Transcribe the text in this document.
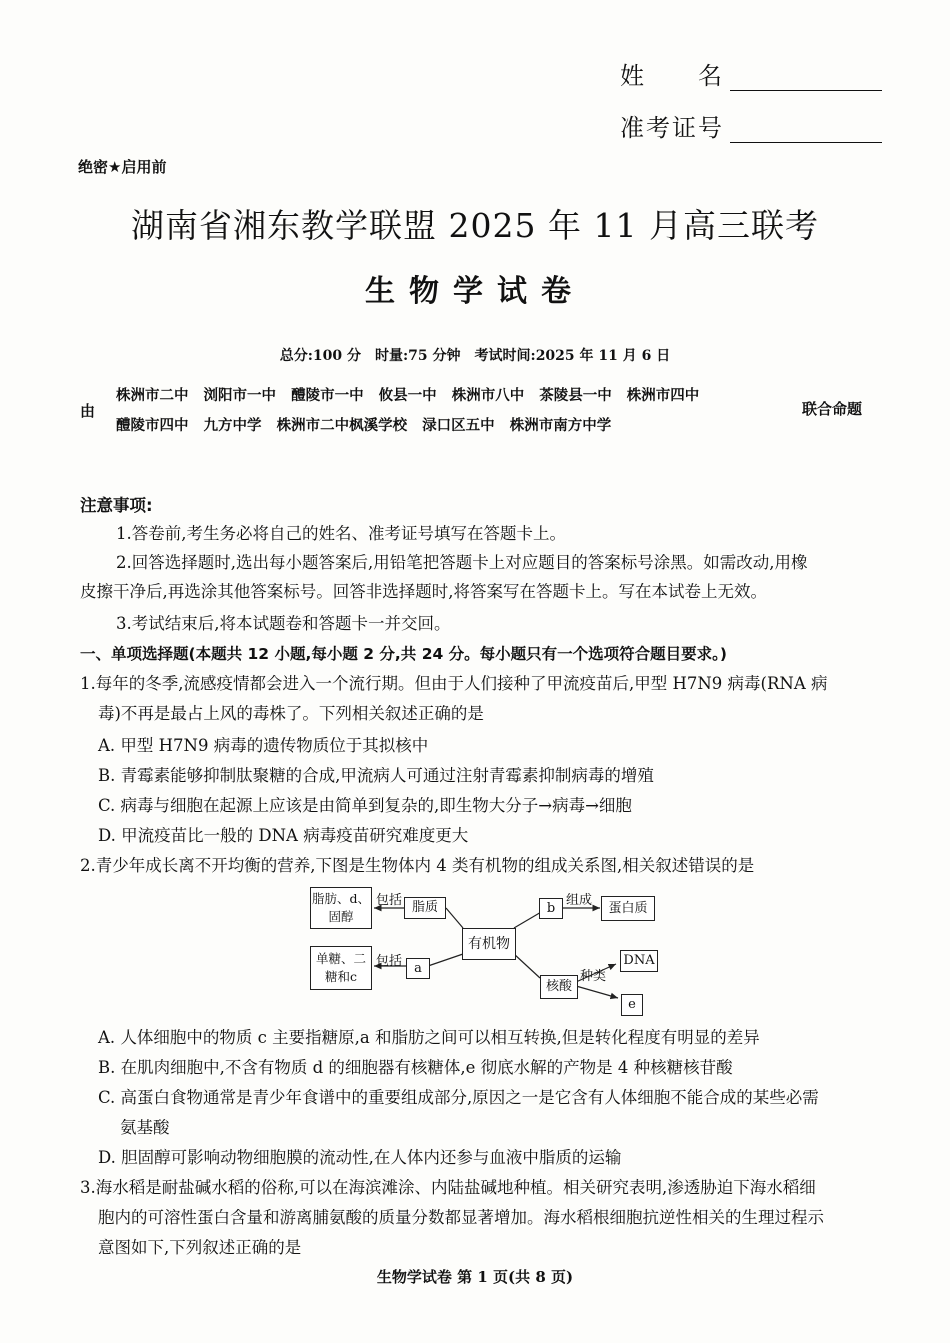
姓　　名
准考证号
绝密★启用前
湖南省湘东教学联盟 2025 年 11 月高三联考
生物学试卷
总分:100 分　时量:75 分钟　考试时间:2025 年 11 月 6 日
由
株洲市二中 浏阳市一中 醴陵市一中 攸县一中 株洲市八中 茶陵县一中 株洲市四中
醴陵市四中 九方中学 株洲市二中枫溪学校 渌口区五中 株洲市南方中学
联合命题
注意事项:
1.答卷前,考生务必将自己的姓名、准考证号填写在答题卡上。
2.回答选择题时,选出每小题答案后,用铅笔把答题卡上对应题目的答案标号涂黑。如需改动,用橡
皮擦干净后,再选涂其他答案标号。回答非选择题时,将答案写在答题卡上。写在本试卷上无效。
3.考试结束后,将本试题卷和答题卡一并交回。
一、单项选择题(本题共 12 小题,每小题 2 分,共 24 分。每小题只有一个选项符合题目要求。)
1.每年的冬季,流感疫情都会进入一个流行期。但由于人们接种了甲流疫苗后,甲型 H7N9 病毒(RNA 病
毒)不再是最占上风的毒株了。下列相关叙述正确的是
A. 甲型 H7N9 病毒的遗传物质位于其拟核中
B. 青霉素能够抑制肽聚糖的合成,甲流病人可通过注射青霉素抑制病毒的增殖
C. 病毒与细胞在起源上应该是由简单到复杂的,即生物大分子→病毒→细胞
D. 甲流疫苗比一般的 DNA 病毒疫苗研究难度更大
2.青少年成长离不开均衡的营养,下图是生物体内 4 类有机物的组成关系图,相关叙述错误的是
脂肪、d、固醇
包括 脂质	b
组成
蛋白质
有机物
单糖、二糖和c
包括 a
核酸
种类
DNA
e
A. 人体细胞中的物质 c 主要指糖原,a 和脂肪之间可以相互转换,但是转化程度有明显的差异
B. 在肌肉细胞中,不含有物质 d 的细胞器有核糖体,e 彻底水解的产物是 4 种核糖核苷酸
C. 高蛋白食物通常是青少年食谱中的重要组成部分,原因之一是它含有人体细胞不能合成的某些必需
氨基酸
D. 胆固醇可影响动物细胞膜的流动性,在人体内还参与血液中脂质的运输
3.海水稻是耐盐碱水稻的俗称,可以在海滨滩涂、内陆盐碱地种植。相关研究表明,渗透胁迫下海水稻细
胞内的可溶性蛋白含量和游离脯氨酸的质量分数都显著增加。海水稻根细胞抗逆性相关的生理过程示
意图如下,下列叙述正确的是
生物学试卷 第 1 页(共 8 页)
